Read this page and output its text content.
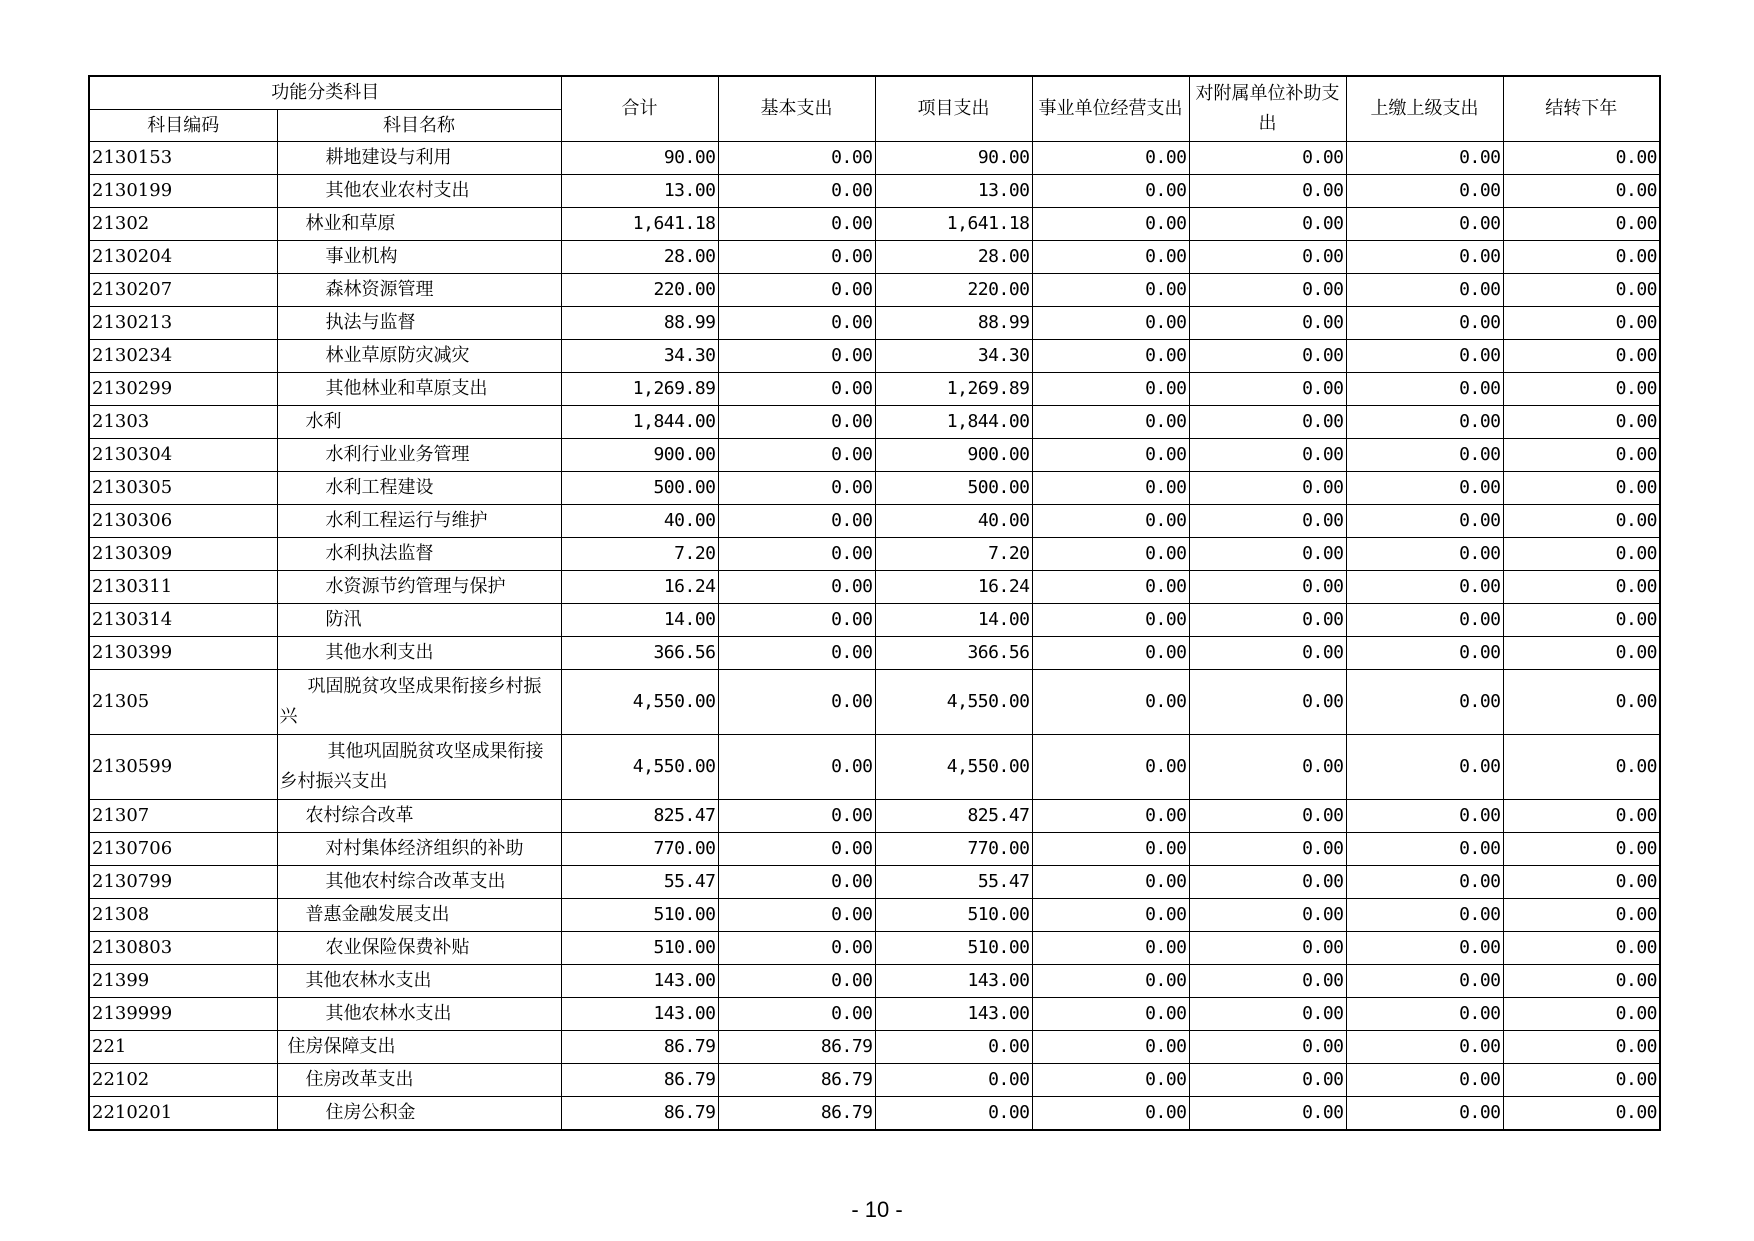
功能分类科目		合计	基本支出	项目支出	事业单位经营支出	对附属单位补助支出	上缴上级支出	结转下年
科目编码	科目名称							
2130153	耕地建设与利用	90.00	0.00	90.00	0.00	0.00	0.00	0.00
2130199	其他农业农村支出	13.00	0.00	13.00	0.00	0.00	0.00	0.00
21302	林业和草原	1,641.18	0.00	1,641.18	0.00	0.00	0.00	0.00
2130204	事业机构	28.00	0.00	28.00	0.00	0.00	0.00	0.00
2130207	森林资源管理	220.00	0.00	220.00	0.00	0.00	0.00	0.00
2130213	执法与监督	88.99	0.00	88.99	0.00	0.00	0.00	0.00
2130234	林业草原防灾减灾	34.30	0.00	34.30	0.00	0.00	0.00	0.00
2130299	其他林业和草原支出	1,269.89	0.00	1,269.89	0.00	0.00	0.00	0.00
21303	水利	1,844.00	0.00	1,844.00	0.00	0.00	0.00	0.00
2130304	水利行业业务管理	900.00	0.00	900.00	0.00	0.00	0.00	0.00
2130305	水利工程建设	500.00	0.00	500.00	0.00	0.00	0.00	0.00
2130306	水利工程运行与维护	40.00	0.00	40.00	0.00	0.00	0.00	0.00
2130309	水利执法监督	7.20	0.00	7.20	0.00	0.00	0.00	0.00
2130311	水资源节约管理与保护	16.24	0.00	16.24	0.00	0.00	0.00	0.00
2130314	防汛	14.00	0.00	14.00	0.00	0.00	0.00	0.00
2130399	其他水利支出	366.56	0.00	366.56	0.00	0.00	0.00	0.00
21305	巩固脱贫攻坚成果衔接乡村振兴	4,550.00	0.00	4,550.00	0.00	0.00	0.00	0.00
2130599	其他巩固脱贫攻坚成果衔接乡村振兴支出	4,550.00	0.00	4,550.00	0.00	0.00	0.00	0.00
21307	农村综合改革	825.47	0.00	825.47	0.00	0.00	0.00	0.00
2130706	对村集体经济组织的补助	770.00	0.00	770.00	0.00	0.00	0.00	0.00
2130799	其他农村综合改革支出	55.47	0.00	55.47	0.00	0.00	0.00	0.00
21308	普惠金融发展支出	510.00	0.00	510.00	0.00	0.00	0.00	0.00
2130803	农业保险保费补贴	510.00	0.00	510.00	0.00	0.00	0.00	0.00
21399	其他农林水支出	143.00	0.00	143.00	0.00	0.00	0.00	0.00
2139999	其他农林水支出	143.00	0.00	143.00	0.00	0.00	0.00	0.00
221	住房保障支出	86.79	86.79	0.00	0.00	0.00	0.00	0.00
22102	住房改革支出	86.79	86.79	0.00	0.00	0.00	0.00	0.00
2210201	住房公积金	86.79	86.79	0.00	0.00	0.00	0.00	0.00
- 10 -
